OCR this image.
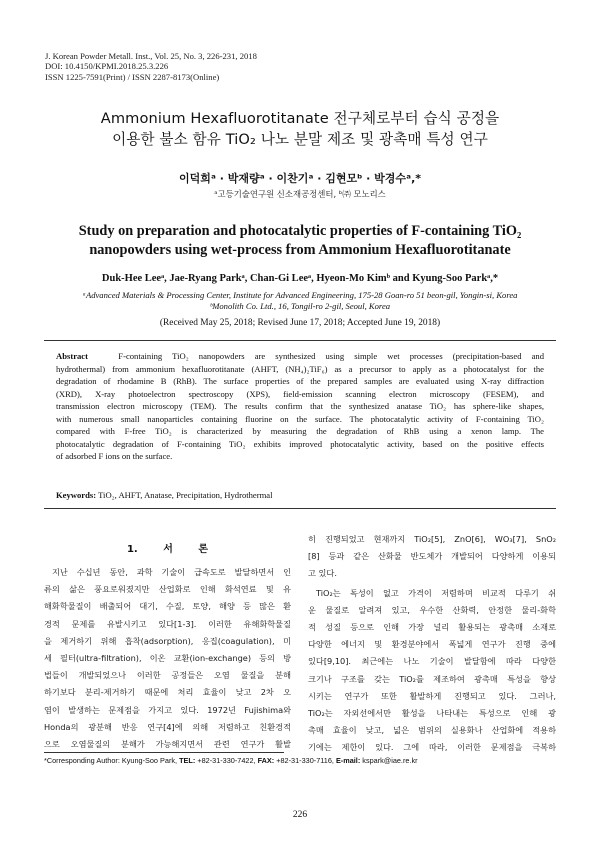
J. Korean Powder Metall. Inst., Vol. 25, No. 3, 226-231, 2018
DOI: 10.4150/KPMI.2018.25.3.226
ISSN 1225-7591(Print) / ISSN 2287-8173(Online)
Ammonium Hexafluorotitanate 전구체로부터 습식 공정을
이용한 불소 함유 TiO₂ 나노 분말 제조 및 광촉매 특성 연구
이덕희ᵃ · 박재량ᵃ · 이찬기ᵃ · 김현모ᵇ · 박경수ᵃ,*
ᵃ고등기술연구원 신소재공정센터, ᵇ㈜ 모노리스
Study on preparation and photocatalytic properties of F-containing TiO₂
nanopowders using wet-process from Ammonium Hexafluorotitanate
Duk-Hee Leeᵃ, Jae-Ryang Parkᵃ, Chan-Gi Leeᵃ, Hyeon-Mo Kimᵇ and Kyung-Soo Parkᵃ,*
ᵃAdvanced Materials & Processing Center, Institute for Advanced Engineering, 175-28 Goan-ro 51 beon-gil, Yongin-si, Korea
ᵇMonolith Co. Ltd., 16, Tongil-ro 2-gil, Seoul, Korea
(Received May 25, 2018; Revised June 17, 2018; Accepted June 19, 2018)
Abstract	F-containing TiO₂ nanopowders are synthesized using simple wet processes (precipitation-based and
hydrothermal) from ammonium hexafluorotitanate (AHFT, (NH₄)₂TiF₆) as a precursor to apply as a photocatalyst for the
degradation of rhodamine B (RhB). The surface properties of the prepared samples are evaluated using X-ray diffraction
(XRD), X-ray photoelectron spectroscopy (XPS), field-emission scanning electron microscopy (FESEM), and
transmission electron microscopy (TEM). The results confirm that the synthesized anatase TiO₂ has sphere-like shapes,
with numerous small nanoparticles containing fluorine on the surface. The photocatalytic activity of F-containing TiO₂
compared with F-free TiO₂ is characterized by measuring the degradation of RhB using a xenon lamp. The
photocatalytic degradation of F-containing TiO₂ exhibits improved photocatalytic activity, based on the positive effects
of adsorbed F ions on the surface.
Keywords: TiO₂, AHFT, Anatase, Precipitation, Hydrothermal
1. 서 론
지난 수십년 동안, 과학 기술이 급속도로 발달하면서 인
류의 삶은 풍요로워졌지만 산업화로 인해 화석연료 및 유
해화학물질이 배출되어 대기, 수질, 토양, 해양 등 많은 환
경적 문제를 유발시키고 있다[1-3]. 이러한 유해화학물질
을 제거하기 위해 흡착(adsorption), 응집(coagulation), 미
세 필터(ultra-filtration), 이온 교환(ion-exchange) 등의 방
법들이 개발되었으나 이러한 공정들은 오염 물질을 분해
하기보다 분리-제거하기 때문에 처리 효율이 낮고 2차 오
염이 발생하는 문제점을 가지고 있다. 1972년 Fujishima와
Honda의 광분해 반응 연구[4]에 의해 저렴하고 친환경적
으로 오염물질의 분해가 가능해지면서 관련 연구가 활발
히 진행되었고 현재까지 TiO₂[5], ZnO[6], WO₃[7], SnO₂
[8] 등과 같은 산화물 반도체가 개발되어 다양하게 이용되
고 있다.
TiO₂는 독성이 없고 가격이 저렴하며 비교적 다루기 쉬
운 물질로 알려져 있고, 우수한 산화력, 안정한 물리-화학
적 성질 등으로 인해 가장 널리 활용되는 광촉매 소재로
다양한 에너지 및 환경분야에서 폭넓게 연구가 진행 중에
있다[9,10]. 최근에는 나노 기술이 발달함에 따라 다양한
크기나 구조를 갖는 TiO₂를 제조하여 광촉매 특성을 향상
시키는 연구가 또한 활발하게 진행되고 있다. 그러나,
TiO₂는 자외선에서만 활성을 나타내는 특성으로 인해 광
촉매 효율이 낮고, 넓은 범위의 실용화나 산업화에 적용하
기에는 제한이 있다. 그에 따라, 이러한 문제점을 극복하
*Corresponding Author: Kyung-Soo Park, TEL: +82-31-330-7422, FAX: +82-31-330-7116, E-mail: kspark@iae.re.kr
226
